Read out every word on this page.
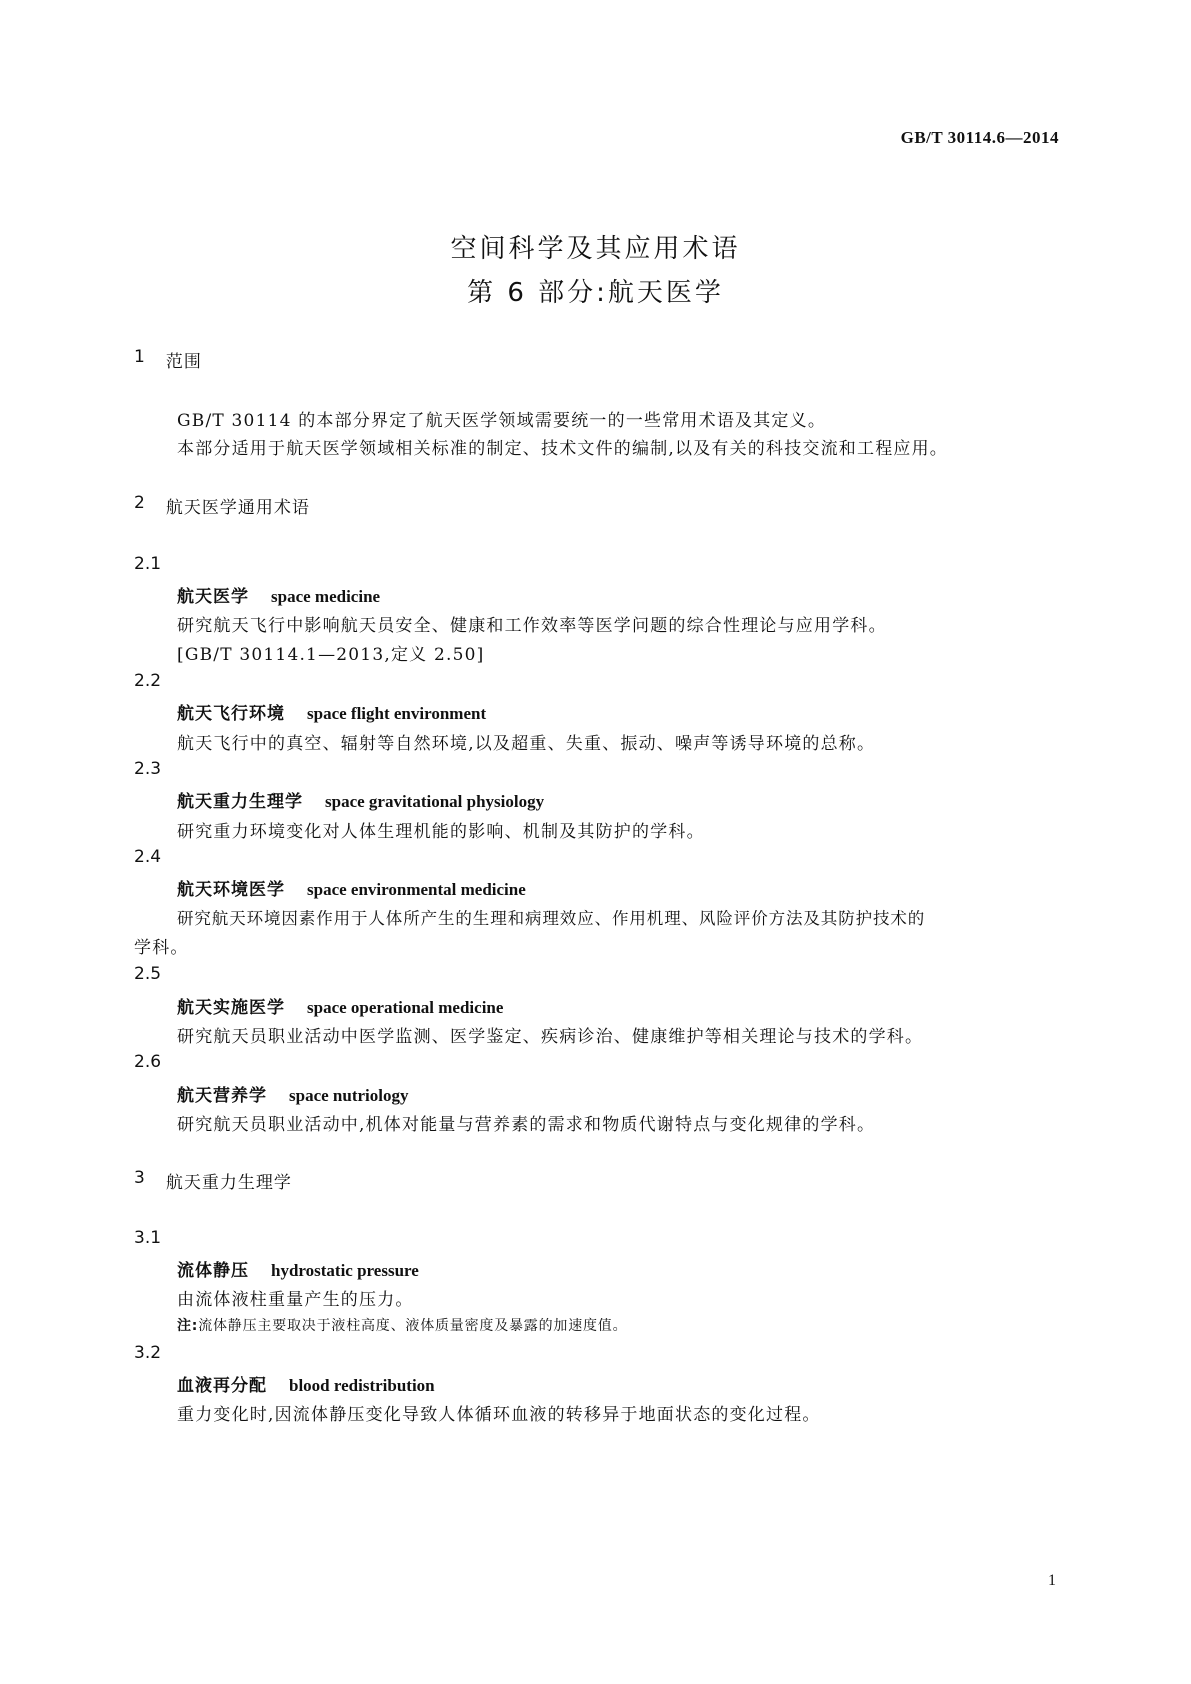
GB/T 30114.6—2014
空间科学及其应用术语
第 6 部分:航天医学
1 范围
GB/T 30114 的本部分界定了航天医学领域需要统一的一些常用术语及其定义。
本部分适用于航天医学领域相关标准的制定、技术文件的编制,以及有关的科技交流和工程应用。
2 航天医学通用术语
2.1
航天医学 space medicine
研究航天飞行中影响航天员安全、健康和工作效率等医学问题的综合性理论与应用学科。
[GB/T 30114.1—2013,定义 2.50]
2.2
航天飞行环境 space flight environment
航天飞行中的真空、辐射等自然环境,以及超重、失重、振动、噪声等诱导环境的总称。
2.3
航天重力生理学 space gravitational physiology
研究重力环境变化对人体生理机能的影响、机制及其防护的学科。
2.4
航天环境医学 space environmental medicine
研究航天环境因素作用于人体所产生的生理和病理效应、作用机理、风险评价方法及其防护技术的
学科。
2.5
航天实施医学 space operational medicine
研究航天员职业活动中医学监测、医学鉴定、疾病诊治、健康维护等相关理论与技术的学科。
2.6
航天营养学 space nutriology
研究航天员职业活动中,机体对能量与营养素的需求和物质代谢特点与变化规律的学科。
3 航天重力生理学
3.1
流体静压 hydrostatic pressure
由流体液柱重量产生的压力。
注:流体静压主要取决于液柱高度、液体质量密度及暴露的加速度值。
3.2
血液再分配 blood redistribution
重力变化时,因流体静压变化导致人体循环血液的转移异于地面状态的变化过程。
1
